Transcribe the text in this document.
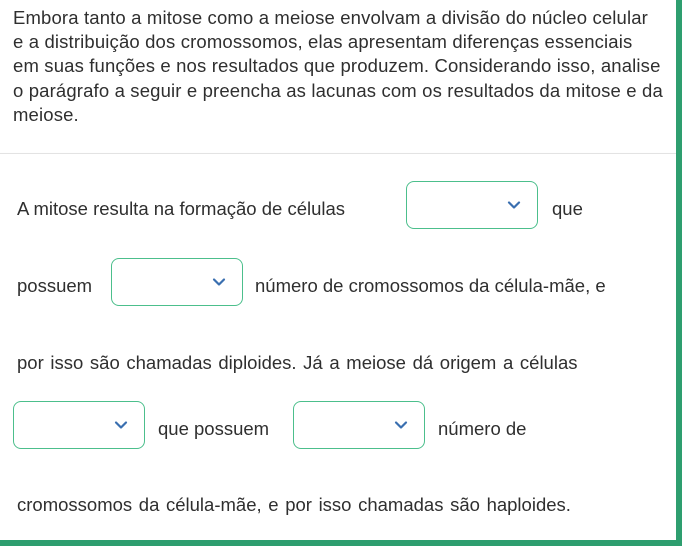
Embora tanto a mitose como a meiose envolvam a divisão do núcleo celular e a distribuição dos cromossomos, elas apresentam diferenças essenciais em suas funções e nos resultados que produzem. Considerando isso, analise o parágrafo a seguir e preencha as lacunas com os resultados da mitose e da meiose.
A mitose resulta na formação de células	que
possuem	número de cromossomos da célula-mãe, e
por isso são chamadas diploides. Já a meiose dá origem a células
que possuem	número de
cromossomos da célula-mãe, e por isso chamadas são haploides.
